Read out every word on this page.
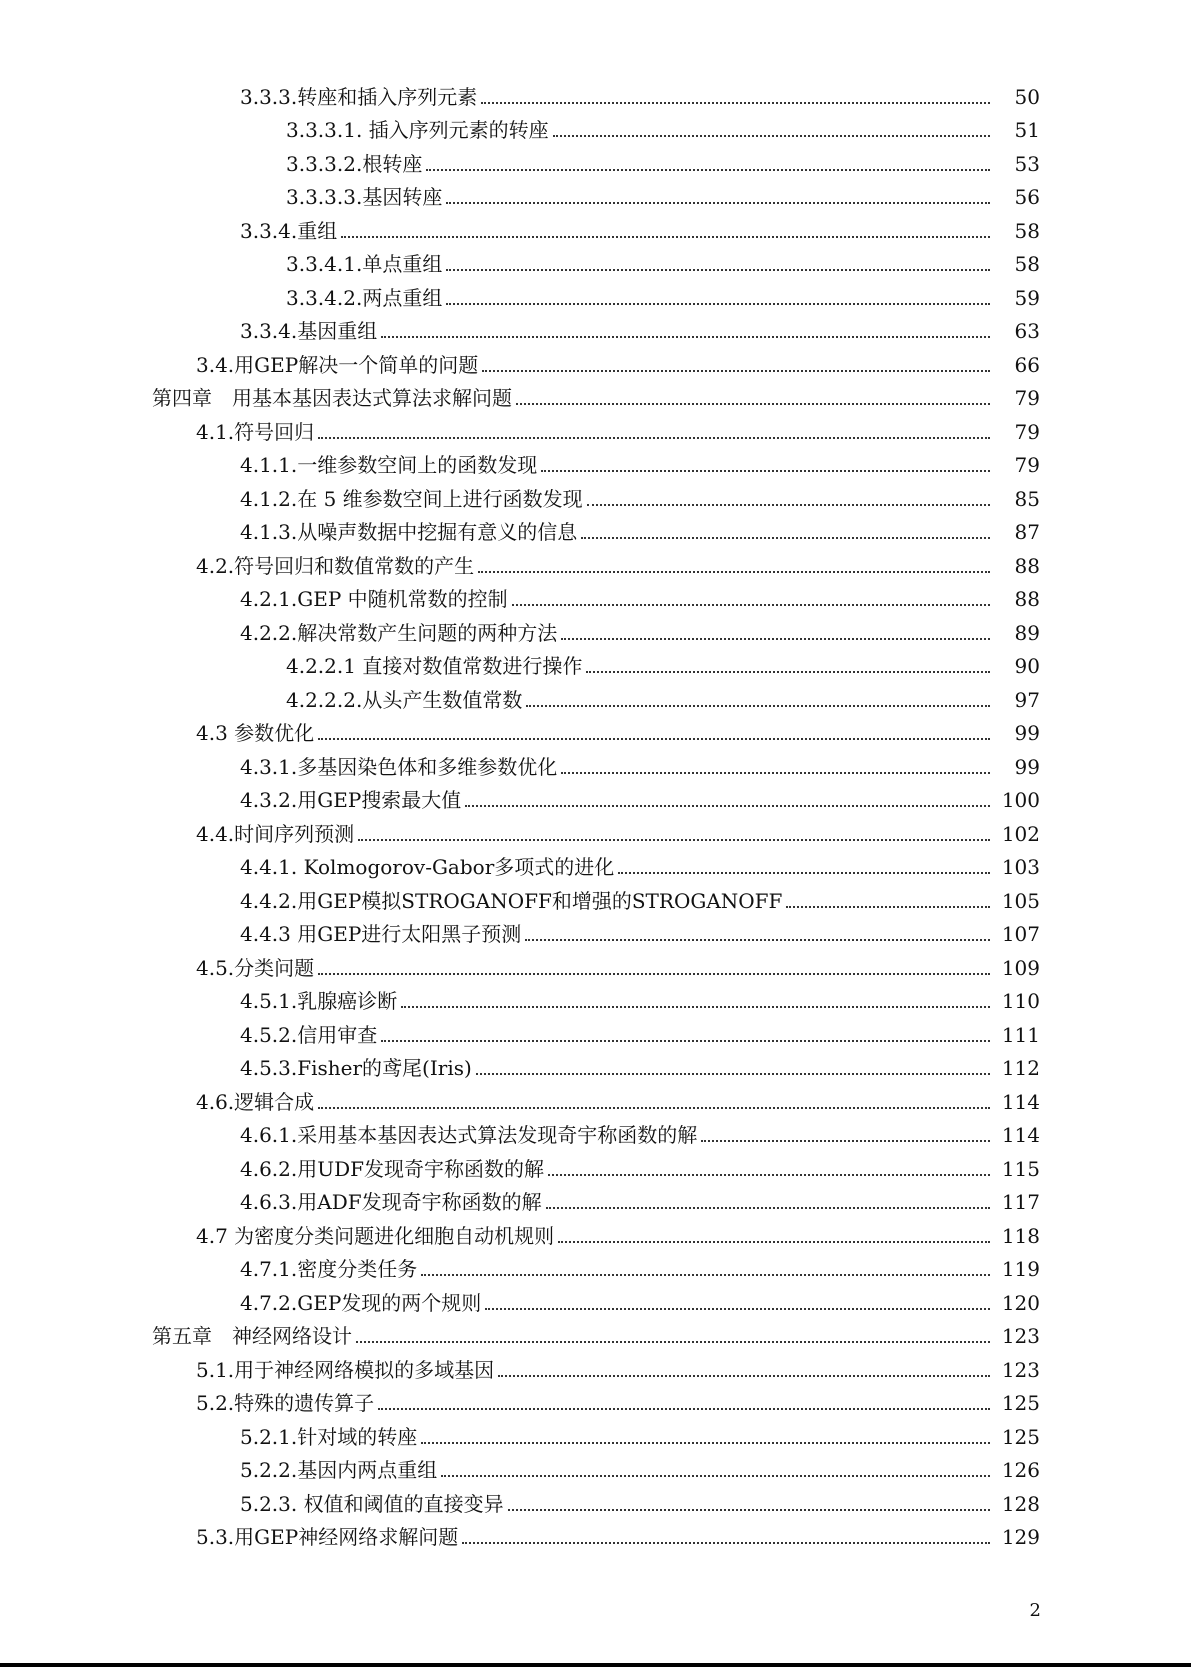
3.3.3.转座和插入序列元素	50
3.3.3.1. 插入序列元素的转座	51
3.3.3.2.根转座	53
3.3.3.3.基因转座	56
3.3.4.重组	58
3.3.4.1.单点重组	58
3.3.4.2.两点重组	59
3.3.4.基因重组	63
3.4.用GEP解决一个简单的问题	66
第四章　用基本基因表达式算法求解问题	79
4.1.符号回归	79
4.1.1.一维参数空间上的函数发现	79
4.1.2.在 5 维参数空间上进行函数发现	85
4.1.3.从噪声数据中挖掘有意义的信息	87
4.2.符号回归和数值常数的产生	88
4.2.1.GEP 中随机常数的控制	88
4.2.2.解决常数产生问题的两种方法	89
4.2.2.1 直接对数值常数进行操作	90
4.2.2.2.从头产生数值常数	97
4.3 参数优化	99
4.3.1.多基因染色体和多维参数优化	99
4.3.2.用GEP搜索最大值	100
4.4.时间序列预测	102
4.4.1. Kolmogorov-Gabor多项式的进化	103
4.4.2.用GEP模拟STROGANOFF和增强的STROGANOFF	105
4.4.3 用GEP进行太阳黑子预测	107
4.5.分类问题	109
4.5.1.乳腺癌诊断	110
4.5.2.信用审查	111
4.5.3.Fisher的鸢尾(Iris)	112
4.6.逻辑合成	114
4.6.1.采用基本基因表达式算法发现奇宇称函数的解	114
4.6.2.用UDF发现奇宇称函数的解	115
4.6.3.用ADF发现奇宇称函数的解	117
4.7 为密度分类问题进化细胞自动机规则	118
4.7.1.密度分类任务	119
4.7.2.GEP发现的两个规则	120
第五章　神经网络设计	123
5.1.用于神经网络模拟的多域基因	123
5.2.特殊的遗传算子	125
5.2.1.针对域的转座	125
5.2.2.基因内两点重组	126
5.2.3. 权值和阈值的直接变异	128
5.3.用GEP神经网络求解问题	129
2
